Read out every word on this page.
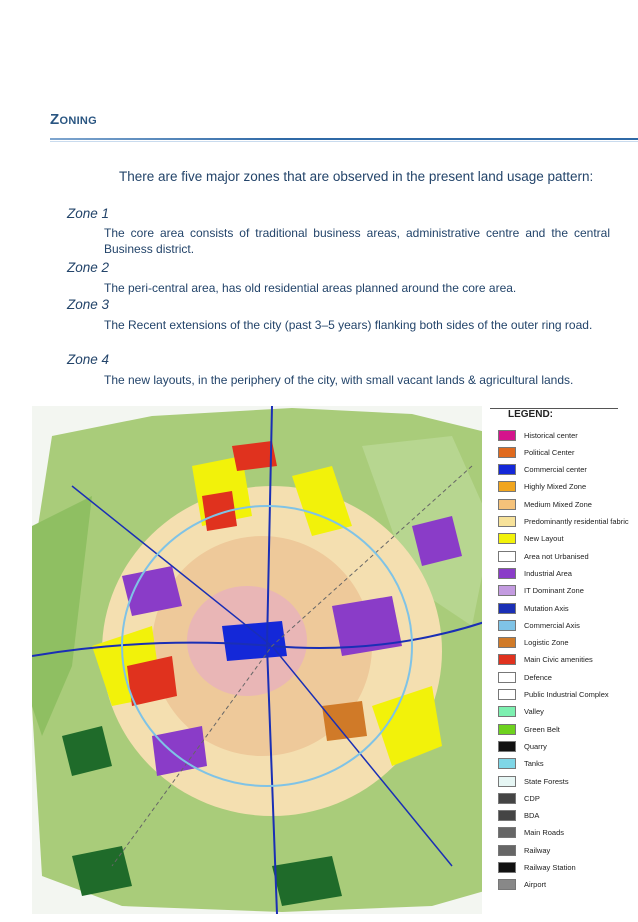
Zoning
There are five major zones that are observed in the present land usage pattern:
Zone 1
The core area consists of traditional business areas, administrative centre and the central Business district.
Zone 2
The peri-central area, has old residential areas planned around the core area.
Zone 3
The Recent extensions of the city (past 3–5 years) flanking both sides of the outer ring road.
Zone 4
The new layouts, in the periphery of the city, with small vacant lands & agricultural lands.
LEGEND:
Historical center
Political Center
Commercial center
Highly Mixed Zone
Medium Mixed Zone
Predominantly residential fabric
New Layout
Area not Urbanised
Industrial Area
IT Dominant Zone
Mutation Axis
Commercial Axis
Logistic Zone
Main Civic amenities
Defence
Public Industrial Complex
Valley
Green Belt
Quarry
Tanks
State Forests
CDP
BDA
Main Roads
Railway
Railway Station
Airport
